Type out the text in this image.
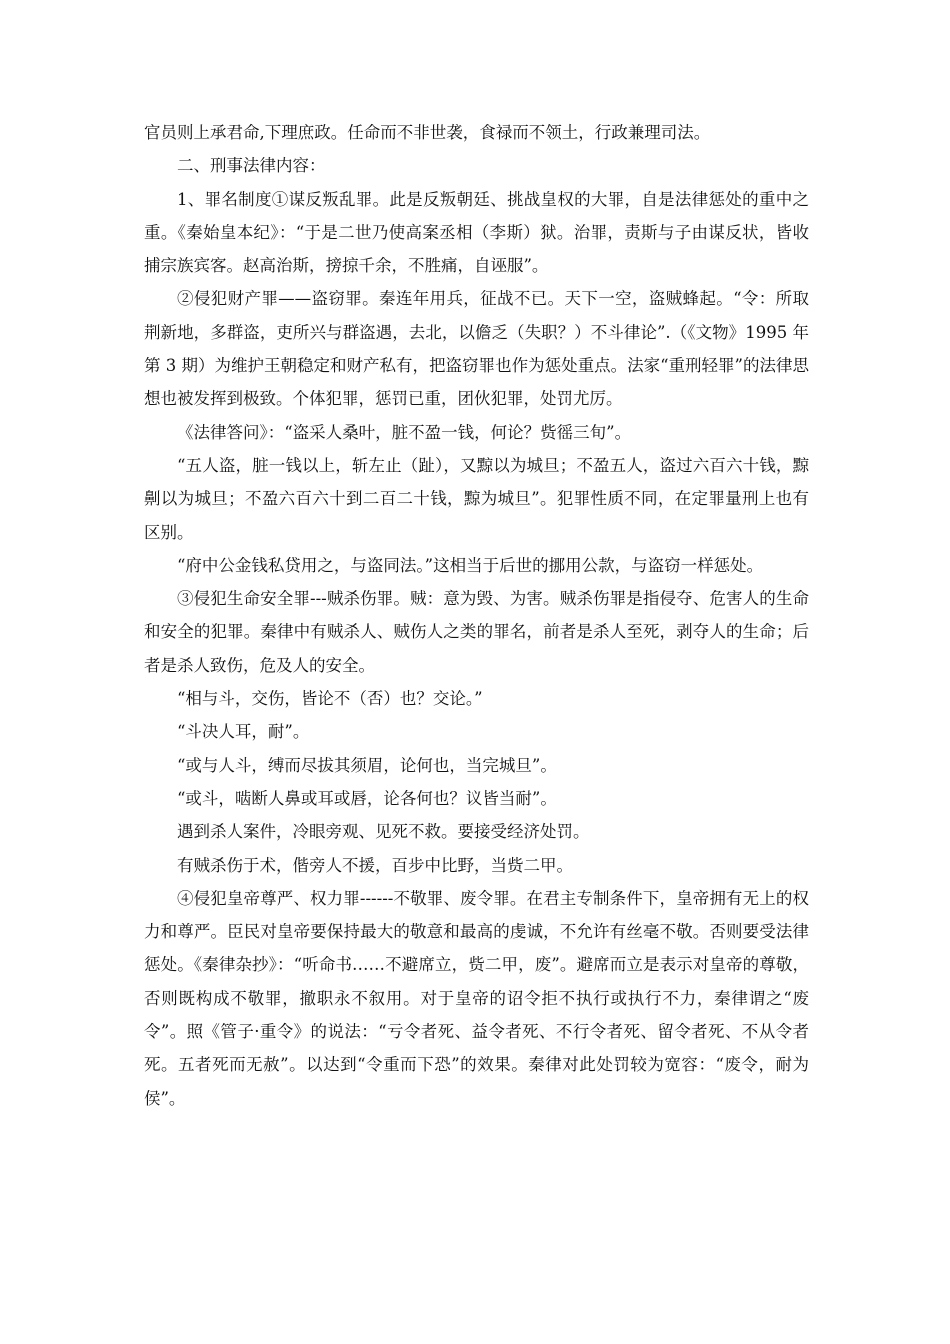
官员则上承君命,下理庶政。任命而不非世袭，食禄而不领土，行政兼理司法。

二、刑事法律内容：

1、罪名制度①谋反叛乱罪。此是反叛朝廷、挑战皇权的大罪，自是法律惩处的重中之重。《秦始皇本纪》：“于是二世乃使高案丞相（李斯）狱。治罪，责斯与子由谋反状，皆收捕宗族宾客。赵高治斯，搒掠千余，不胜痛，自诬服”。

②侵犯财产罪——盗窃罪。秦连年用兵，征战不已。天下一空，盗贼蜂起。“令：所取荆新地，多群盗，吏所兴与群盗遇，去北，以儋乏（失职？）不斗律论”.（《文物》1995 年第 3 期）为维护王朝稳定和财产私有，把盗窃罪也作为惩处重点。法家“重刑轻罪”的法律思想也被发挥到极致。个体犯罪，惩罚已重，团伙犯罪，处罚尤厉。

《法律答问》：“盗采人桑叶，脏不盈一钱，何论？赀徭三旬”。

“五人盗，脏一钱以上，斩左止（趾），又黥以为城旦；不盈五人，盗过六百六十钱，黥劓以为城旦；不盈六百六十到二百二十钱，黥为城旦”。犯罪性质不同，在定罪量刑上也有区别。

“府中公金钱私贷用之，与盗同法。”这相当于后世的挪用公款，与盗窃一样惩处。

③侵犯生命安全罪---贼杀伤罪。贼：意为毁、为害。贼杀伤罪是指侵夺、危害人的生命和安全的犯罪。秦律中有贼杀人、贼伤人之类的罪名，前者是杀人至死，剥夺人的生命；后者是杀人致伤，危及人的安全。

“相与斗，交伤，皆论不（否）也？交论。”

“斗决人耳，耐”。

“或与人斗，缚而尽拔其须眉，论何也，当完城旦”。

“或斗，啮断人鼻或耳或唇，论各何也？议皆当耐”。

遇到杀人案件，冷眼旁观、见死不救。要接受经济处罚。

有贼杀伤于术，偕旁人不援，百步中比野，当赀二甲。

④侵犯皇帝尊严、权力罪------不敬罪、废令罪。在君主专制条件下，皇帝拥有无上的权力和尊严。臣民对皇帝要保持最大的敬意和最高的虔诚，不允许有丝毫不敬。否则要受法律惩处。《秦律杂抄》：“听命书……不避席立，赀二甲，废”。避席而立是表示对皇帝的尊敬，否则既构成不敬罪，撤职永不叙用。对于皇帝的诏令拒不执行或执行不力，秦律谓之“废令”。照《管子·重令》的说法：“亏令者死、益令者死、不行令者死、留令者死、不从令者死。五者死而无赦”。以达到“令重而下恐”的效果。秦律对此处罚较为宽容：“废令，耐为侯”。
